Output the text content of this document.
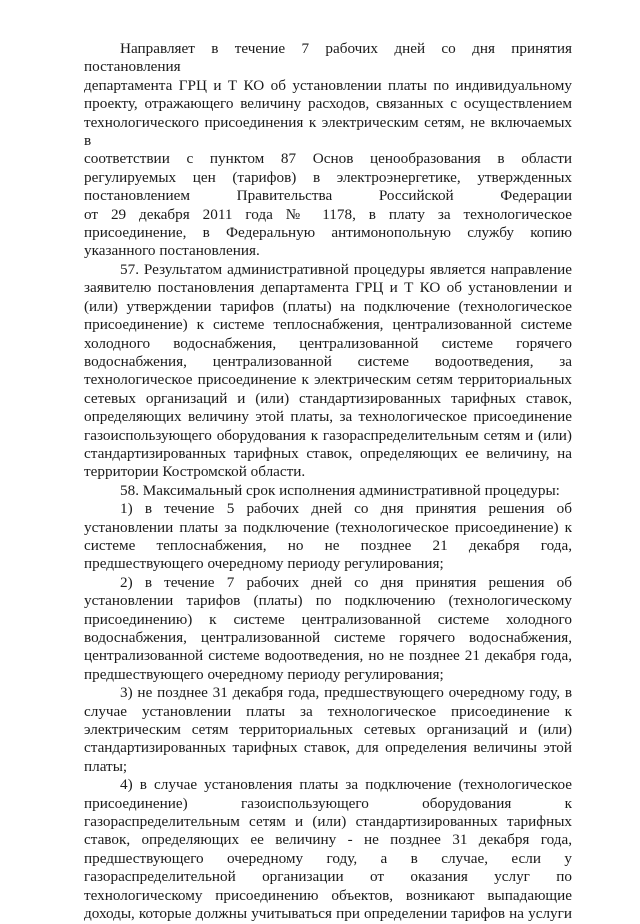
Направляет в течение 7 рабочих дней со дня принятия постановления
департамента ГРЦ и Т КО об установлении платы по индивидуальному
проекту, отражающего величину расходов, связанных с осуществлением
технологического присоединения к электрическим сетям, не включаемых в
соответствии с пунктом 87 Основ ценообразования в области
регулируемых цен (тарифов) в электроэнергетике, утвержденных
постановлением Правительства Российской Федерации
от 29 декабря 2011 года № 1178, в плату за технологическое
присоединение, в Федеральную антимонопольную службу копию
указанного постановления.
57. Результатом административной процедуры является направление
заявителю постановления департамента ГРЦ и Т КО об установлении и
(или) утверждении тарифов (платы) на подключение (технологическое
присоединение) к системе теплоснабжения, централизованной системе
холодного водоснабжения, централизованной системе горячего
водоснабжения, централизованной системе водоотведения, за
технологическое присоединение к электрическим сетям территориальных
сетевых организаций и (или) стандартизированных тарифных ставок,
определяющих величину этой платы, за технологическое присоединение
газоиспользующего оборудования к газораспределительным сетям и (или)
стандартизированных тарифных ставок, определяющих ее величину, на
территории Костромской области.
58. Максимальный срок исполнения административной процедуры:
1) в течение 5 рабочих дней со дня принятия решения об
установлении платы за подключение (технологическое присоединение) к
системе теплоснабжения, но не позднее 21 декабря года,
предшествующего очередному периоду регулирования;
2) в течение 7 рабочих дней со дня принятия решения об
установлении тарифов (платы) по подключению (технологическому
присоединению) к системе централизованной системе холодного
водоснабжения, централизованной системе горячего водоснабжения,
централизованной системе водоотведения, но не позднее 21 декабря года,
предшествующего очередному периоду регулирования;
3) не позднее 31 декабря года, предшествующего очередному году, в
случае установлении платы за технологическое присоединение к
электрическим сетям территориальных сетевых организаций и (или)
стандартизированных тарифных ставок, для определения величины этой
платы;
4) в случае установления платы за подключение (технологическое
присоединение) газоиспользующего оборудования к
газораспределительным сетям и (или) стандартизированных тарифных
ставок, определяющих ее величину - не позднее 31 декабря года,
предшествующего очередному году, а в случае, если у
газораспределительной организации от оказания услуг по
технологическому присоединению объектов, возникают выпадающие
доходы, которые должны учитываться при определении тарифов на услуги
